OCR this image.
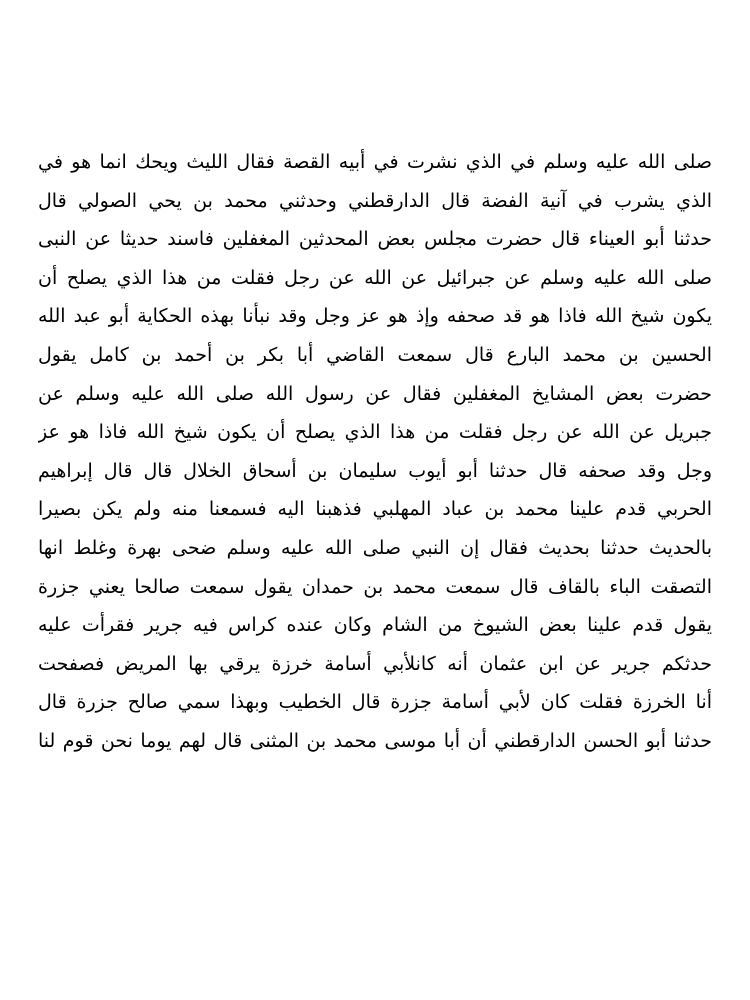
صلى الله عليه وسلم في الذي نشرت في أبيه القصة فقال الليث ويحك انما هو في
الذي يشرب في آنية الفضة قال الدارقطني وحدثني محمد بن يحي الصولي قال
حدثنا أبو العيناء قال حضرت مجلس بعض المحدثين المغفلين فاسند حديثا عن النبى
صلى الله عليه وسلم عن جبرائيل عن الله عن رجل فقلت من هذا الذي يصلح أن
يكون شيخ الله فاذا هو قد صحفه وإذ هو عز وجل وقد نبأنا بهذه الحكاية أبو عبد الله
الحسين بن محمد البارع قال سمعت القاضي أبا بكر بن أحمد بن كامل يقول
حضرت بعض المشايخ المغفلين فقال عن رسول الله صلى الله عليه وسلم عن
جبريل عن الله عن رجل فقلت من هذا الذي يصلح أن يكون شيخ الله فاذا هو عز
وجل وقد صحفه قال حدثنا أبو أيوب سليمان بن أسحاق الخلال قال قال إبراهيم
الحربي قدم علينا محمد بن عباد المهلبي فذهبنا اليه فسمعنا منه ولم يكن بصيرا
بالحديث حدثنا بحديث فقال إن النبي صلى الله عليه وسلم ضحى بهرة وغلط انها
التصقت الباء بالقاف قال سمعت محمد بن حمدان يقول سمعت صالحا يعني جزرة
يقول قدم علينا بعض الشيوخ من الشام وكان عنده كراس فيه جرير فقرأت عليه
حدثكم جرير عن ابن عثمان أنه كانلأبي أسامة خرزة يرقي بها المريض فصفحت
أنا الخرزة فقلت كان لأبي أسامة جزرة قال الخطيب وبهذا سمي صالح جزرة قال
حدثنا أبو الحسن الدارقطني أن أبا موسى محمد بن المثنى قال لهم يوما نحن قوم لنا
